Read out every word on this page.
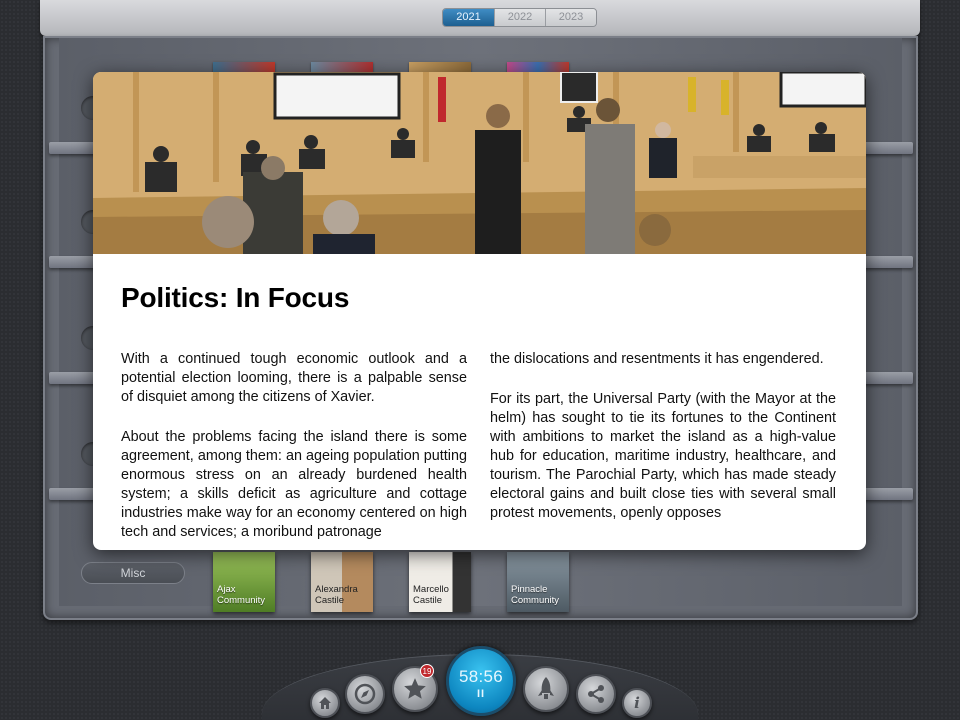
2021	2022	2023
Misc
Ajax Community
Alexandra Castile
Marcello Castile
Pinnacle Community
Politics: In Focus

With a continued tough economic outlook and a potential election looming, there is a palpable sense of disquiet among the citizens of Xavier.

About the problems facing the island there is some agreement, among them: an ageing population putting enormous stress on an already burdened health system; a skills deficit as agriculture and cottage industries make way for an economy centered on high tech and services; a moribund patronage

the dislocations and resentments it has engendered.

For its part, the Universal Party (with the Mayor at the helm) has sought to tie its fortunes to the Continent with ambitions to market the island as a high-value hub for education, maritime industry, healthcare, and tourism. The Parochial Party, which has made steady electoral gains and built close ties with several small protest movements, openly opposes

19	58:56
II	i
